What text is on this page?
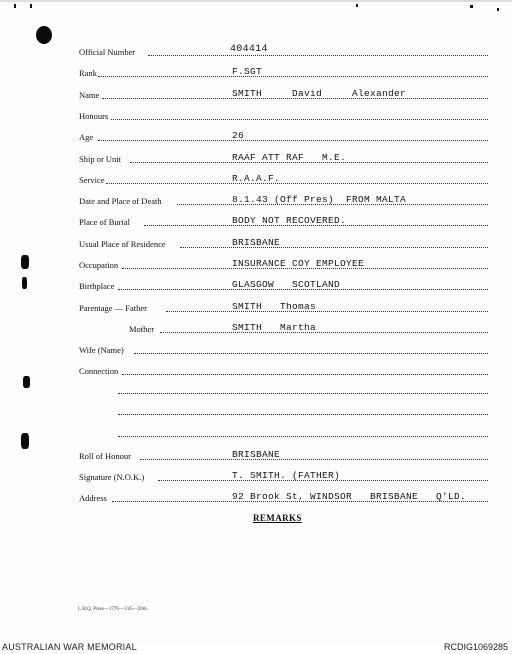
Official Number	404414
Rank	F.SGT
Name	SMITH     David     Alexander
Honours
Age	26
Ship or Unit	RAAF ATT RAF   M.E.
Service	R.A.A.F.
Date and Place of Death	8.1.43 (Off Pres)  FROM MALTA
Place of Burial	BODY NOT RECOVERED.
Usual Place of Residence	BRISBANE
Occupation	INSURANCE COY EMPLOYEE
Birthplace	GLASGOW   SCOTLAND
Parentage — Father	SMITH   Thomas
Mother	SMITH   Martha
Wife (Name)
Connection
Roll of Honour	BRISBANE
Signature (N.O.K.)	T. SMITH. (FATHER)
Address	92 Brook St, WINDSOR   BRISBANE   Q'LD.
REMARKS
L.H.Q. Press—1776—1/45—20m.
AUSTRALIAN WAR MEMORIAL	RCDIG1069285
